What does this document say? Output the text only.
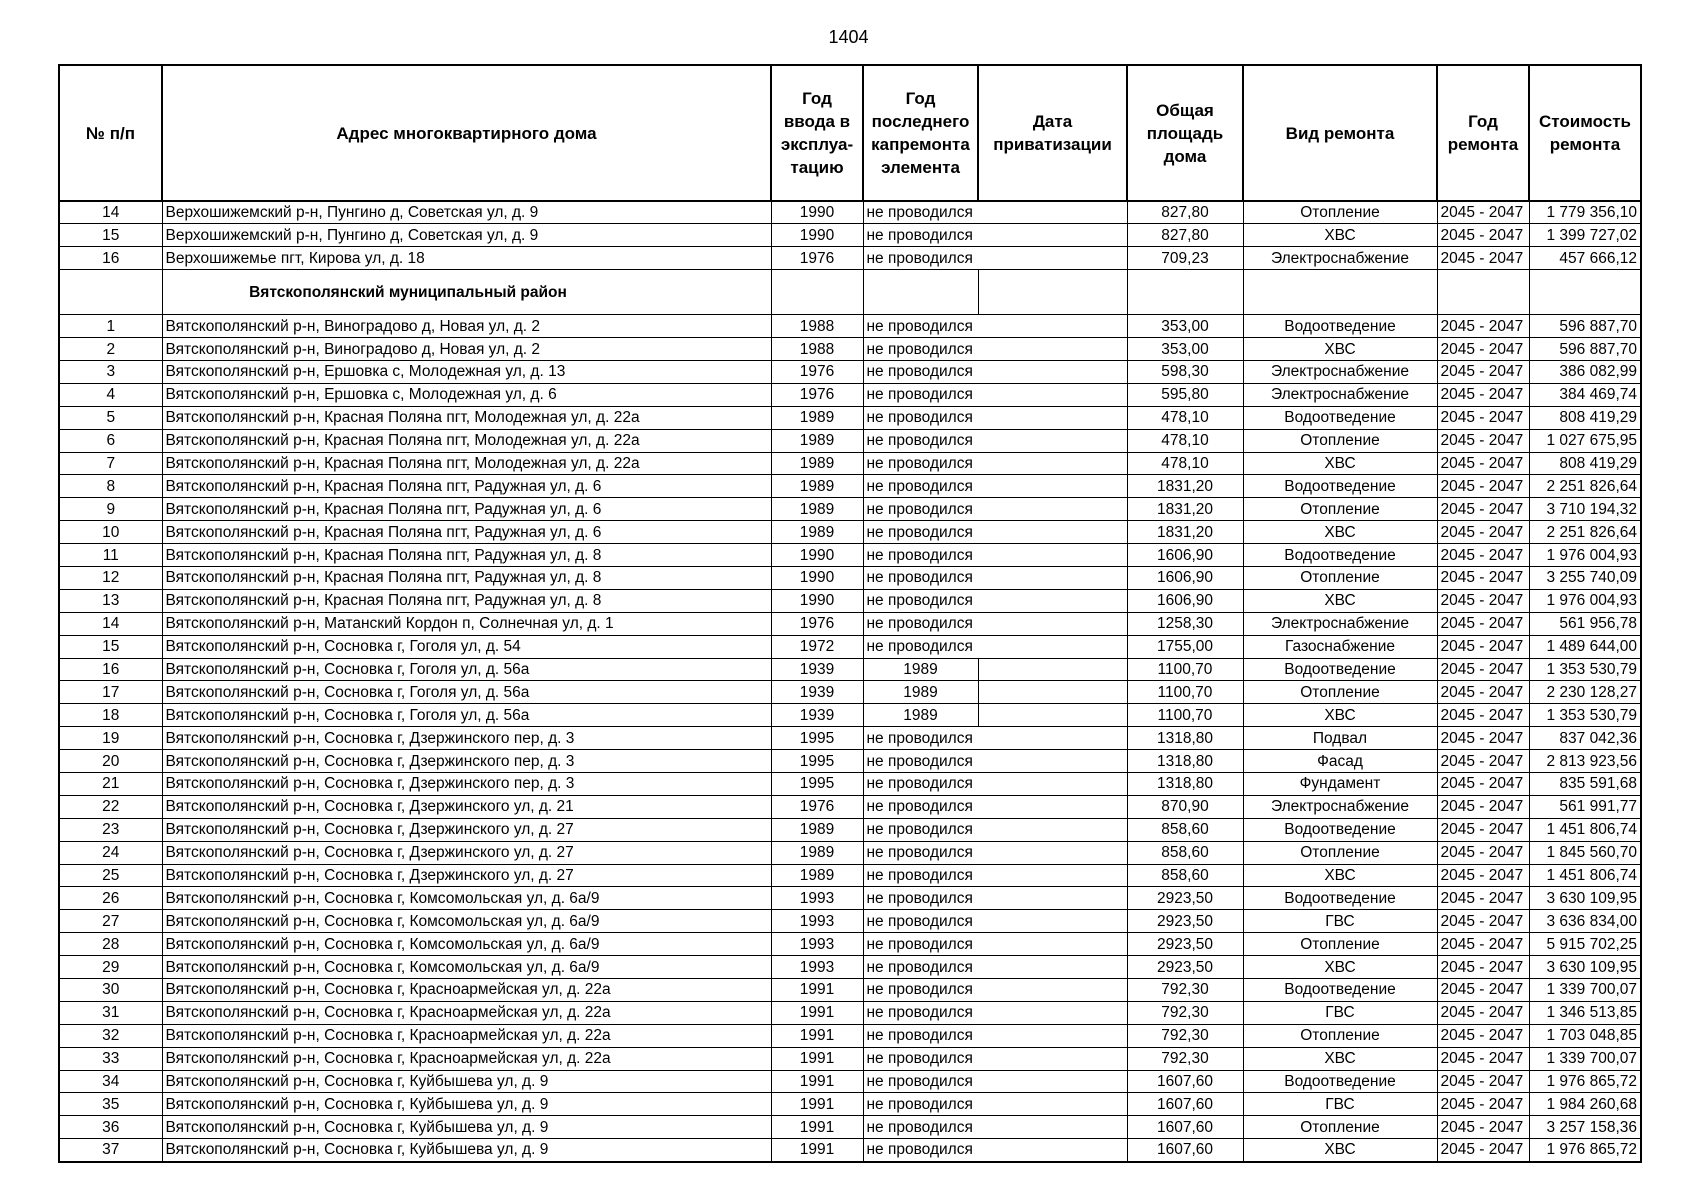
1404
№ п/п	Адрес многоквартирного дома	Год ввода в эксплуа-тацию	Год последнего капремонта элемента	Дата приватизации	Общая площадь дома	Вид ремонта	Год ремонта	Стоимость ремонта
14	Верхошижемский р-н, Пунгино д, Советская ул, д. 9	1990	не проводился		827,80	Отопление	2045 - 2047	1 779 356,10
15	Верхошижемский р-н, Пунгино д, Советская ул, д. 9	1990	не проводился		827,80	ХВС	2045 - 2047	1 399 727,02
16	Верхошижемье пгт, Кирова ул, д. 18	1976	не проводился		709,23	Электроснабжение	2045 - 2047	457 666,12
	Вятскополянский муниципальный район							
1	Вятскополянский р-н, Виноградово д, Новая ул, д. 2	1988	не проводился		353,00	Водоотведение	2045 - 2047	596 887,70
2	Вятскополянский р-н, Виноградово д, Новая ул, д. 2	1988	не проводился		353,00	ХВС	2045 - 2047	596 887,70
3	Вятскополянский р-н, Ершовка с, Молодежная ул, д. 13	1976	не проводился		598,30	Электроснабжение	2045 - 2047	386 082,99
4	Вятскополянский р-н, Ершовка с, Молодежная ул, д. 6	1976	не проводился		595,80	Электроснабжение	2045 - 2047	384 469,74
5	Вятскополянский р-н, Красная Поляна пгт, Молодежная ул, д. 22а	1989	не проводился		478,10	Водоотведение	2045 - 2047	808 419,29
6	Вятскополянский р-н, Красная Поляна пгт, Молодежная ул, д. 22а	1989	не проводился		478,10	Отопление	2045 - 2047	1 027 675,95
7	Вятскополянский р-н, Красная Поляна пгт, Молодежная ул, д. 22а	1989	не проводился		478,10	ХВС	2045 - 2047	808 419,29
8	Вятскополянский р-н, Красная Поляна пгт, Радужная ул, д. 6	1989	не проводился		1831,20	Водоотведение	2045 - 2047	2 251 826,64
9	Вятскополянский р-н, Красная Поляна пгт, Радужная ул, д. 6	1989	не проводился		1831,20	Отопление	2045 - 2047	3 710 194,32
10	Вятскополянский р-н, Красная Поляна пгт, Радужная ул, д. 6	1989	не проводился		1831,20	ХВС	2045 - 2047	2 251 826,64
11	Вятскополянский р-н, Красная Поляна пгт, Радужная ул, д. 8	1990	не проводился		1606,90	Водоотведение	2045 - 2047	1 976 004,93
12	Вятскополянский р-н, Красная Поляна пгт, Радужная ул, д. 8	1990	не проводился		1606,90	Отопление	2045 - 2047	3 255 740,09
13	Вятскополянский р-н, Красная Поляна пгт, Радужная ул, д. 8	1990	не проводился		1606,90	ХВС	2045 - 2047	1 976 004,93
14	Вятскополянский р-н, Матанский Кордон п, Солнечная ул, д. 1	1976	не проводился		1258,30	Электроснабжение	2045 - 2047	561 956,78
15	Вятскополянский р-н, Сосновка г, Гоголя ул, д. 54	1972	не проводился		1755,00	Газоснабжение	2045 - 2047	1 489 644,00
16	Вятскополянский р-н, Сосновка г, Гоголя ул, д. 56а	1939	1989		1100,70	Водоотведение	2045 - 2047	1 353 530,79
17	Вятскополянский р-н, Сосновка г, Гоголя ул, д. 56а	1939	1989		1100,70	Отопление	2045 - 2047	2 230 128,27
18	Вятскополянский р-н, Сосновка г, Гоголя ул, д. 56а	1939	1989		1100,70	ХВС	2045 - 2047	1 353 530,79
19	Вятскополянский р-н, Сосновка г, Дзержинского пер, д. 3	1995	не проводился		1318,80	Подвал	2045 - 2047	837 042,36
20	Вятскополянский р-н, Сосновка г, Дзержинского пер, д. 3	1995	не проводился		1318,80	Фасад	2045 - 2047	2 813 923,56
21	Вятскополянский р-н, Сосновка г, Дзержинского пер, д. 3	1995	не проводился		1318,80	Фундамент	2045 - 2047	835 591,68
22	Вятскополянский р-н, Сосновка г, Дзержинского ул, д. 21	1976	не проводился		870,90	Электроснабжение	2045 - 2047	561 991,77
23	Вятскополянский р-н, Сосновка г, Дзержинского ул, д. 27	1989	не проводился		858,60	Водоотведение	2045 - 2047	1 451 806,74
24	Вятскополянский р-н, Сосновка г, Дзержинского ул, д. 27	1989	не проводился		858,60	Отопление	2045 - 2047	1 845 560,70
25	Вятскополянский р-н, Сосновка г, Дзержинского ул, д. 27	1989	не проводился		858,60	ХВС	2045 - 2047	1 451 806,74
26	Вятскополянский р-н, Сосновка г, Комсомольская ул, д. 6а/9	1993	не проводился		2923,50	Водоотведение	2045 - 2047	3 630 109,95
27	Вятскополянский р-н, Сосновка г, Комсомольская ул, д. 6а/9	1993	не проводился		2923,50	ГВС	2045 - 2047	3 636 834,00
28	Вятскополянский р-н, Сосновка г, Комсомольская ул, д. 6а/9	1993	не проводился		2923,50	Отопление	2045 - 2047	5 915 702,25
29	Вятскополянский р-н, Сосновка г, Комсомольская ул, д. 6а/9	1993	не проводился		2923,50	ХВС	2045 - 2047	3 630 109,95
30	Вятскополянский р-н, Сосновка г, Красноармейская ул, д. 22а	1991	не проводился		792,30	Водоотведение	2045 - 2047	1 339 700,07
31	Вятскополянский р-н, Сосновка г, Красноармейская ул, д. 22а	1991	не проводился		792,30	ГВС	2045 - 2047	1 346 513,85
32	Вятскополянский р-н, Сосновка г, Красноармейская ул, д. 22а	1991	не проводился		792,30	Отопление	2045 - 2047	1 703 048,85
33	Вятскополянский р-н, Сосновка г, Красноармейская ул, д. 22а	1991	не проводился		792,30	ХВС	2045 - 2047	1 339 700,07
34	Вятскополянский р-н, Сосновка г, Куйбышева ул, д. 9	1991	не проводился		1607,60	Водоотведение	2045 - 2047	1 976 865,72
35	Вятскополянский р-н, Сосновка г, Куйбышева ул, д. 9	1991	не проводился		1607,60	ГВС	2045 - 2047	1 984 260,68
36	Вятскополянский р-н, Сосновка г, Куйбышева ул, д. 9	1991	не проводился		1607,60	Отопление	2045 - 2047	3 257 158,36
37	Вятскополянский р-н, Сосновка г, Куйбышева ул, д. 9	1991	не проводился		1607,60	ХВС	2045 - 2047	1 976 865,72
